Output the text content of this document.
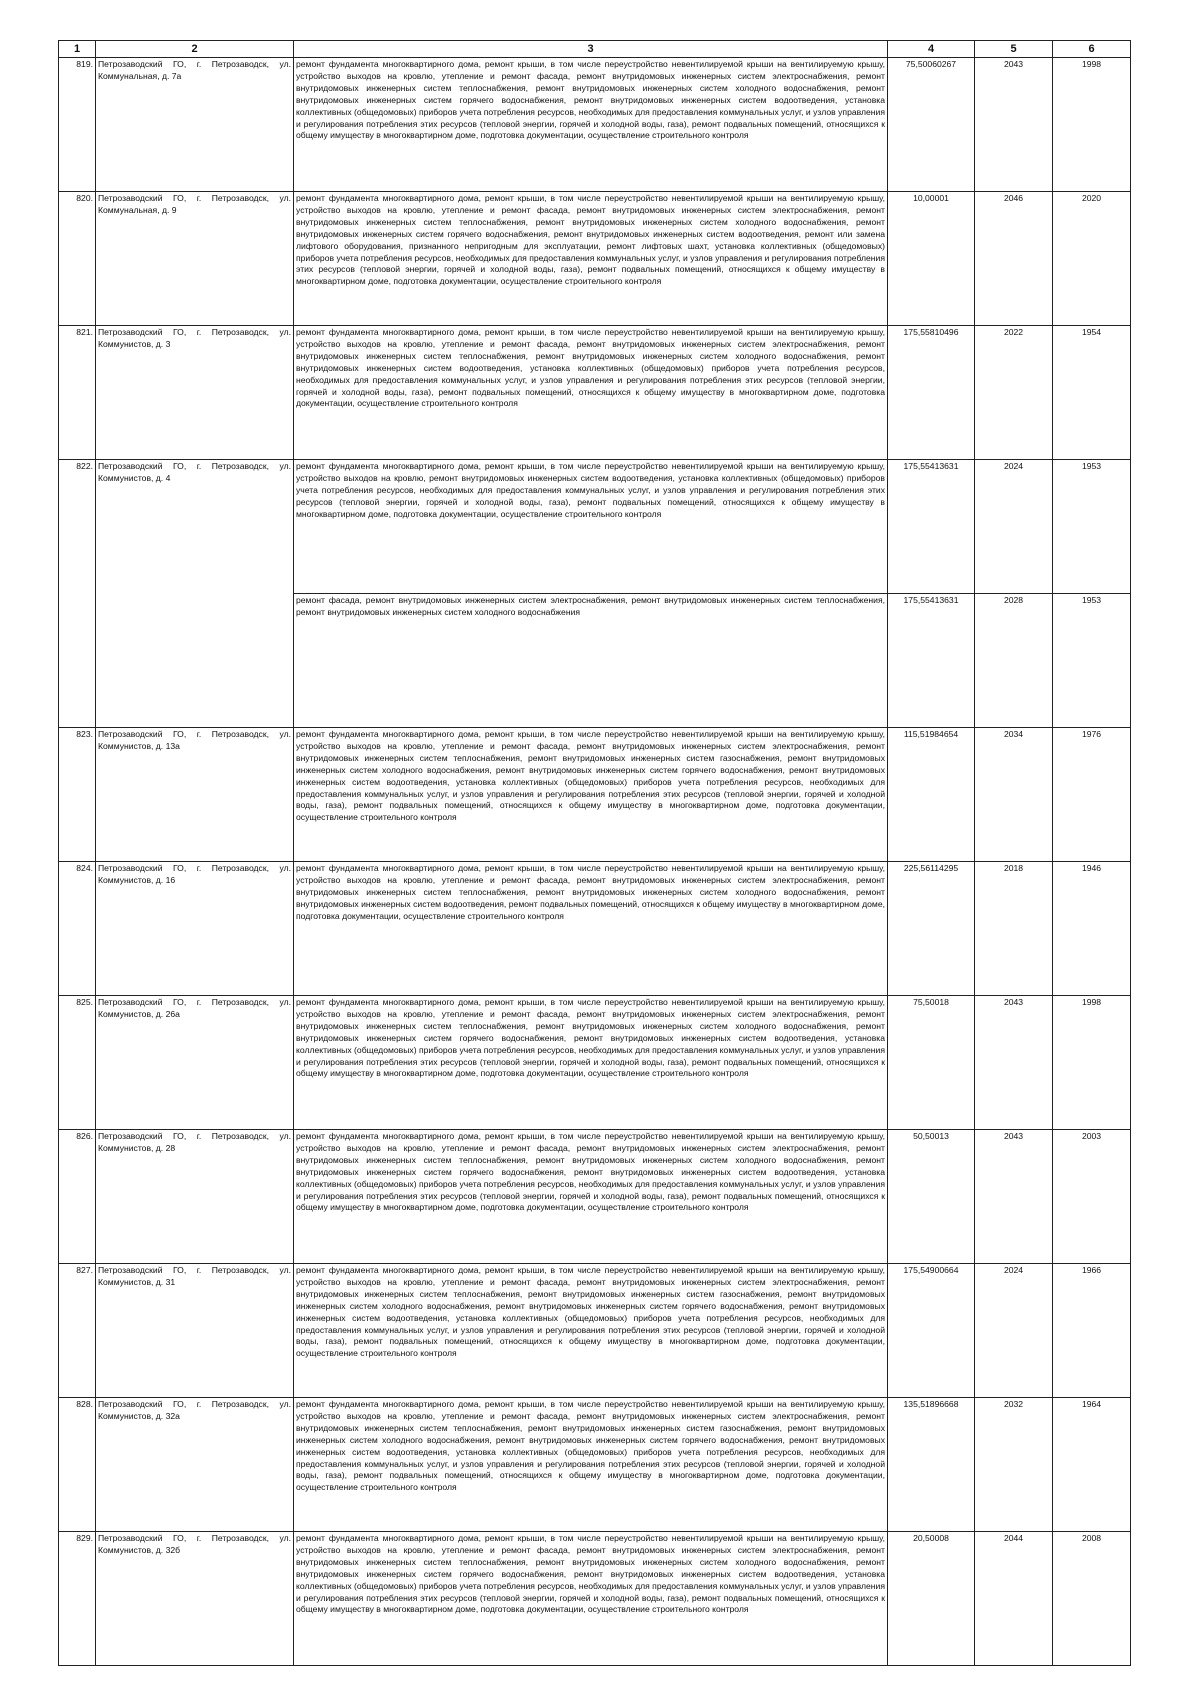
1	2	3	4	5	6
819.	Петрозаводский ГО, г. Петрозаводск, ул. Коммунальная, д. 7а	ремонт фундамента многоквартирного дома, ремонт крыши, в том числе переустройство невентилируемой крыши на вентилируемую крышу, устройство выходов на кровлю, утепление и ремонт фасада, ремонт внутридомовых инженерных систем электроснабжения, ремонт внутридомовых инженерных систем теплоснабжения, ремонт внутридомовых инженерных систем холодного водоснабжения, ремонт внутридомовых инженерных систем горячего водоснабжения, ремонт внутридомовых инженерных систем водоотведения, установка коллективных (общедомовых) приборов учета потребления ресурсов, необходимых для предоставления коммунальных услуг, и узлов управления и регулирования потребления этих ресурсов (тепловой энергии, горячей и холодной воды, газа), ремонт подвальных помещений, относящихся к общему имуществу в многоквартирном доме, подготовка документации, осуществление строительного контроля	75,50060267	2043	1998
820.	Петрозаводский ГО, г. Петрозаводск, ул. Коммунальная, д. 9	ремонт фундамента многоквартирного дома, ремонт крыши, в том числе переустройство невентилируемой крыши на вентилируемую крышу, устройство выходов на кровлю, утепление и ремонт фасада, ремонт внутридомовых инженерных систем электроснабжения, ремонт внутридомовых инженерных систем теплоснабжения, ремонт внутридомовых инженерных систем холодного водоснабжения, ремонт внутридомовых инженерных систем горячего водоснабжения, ремонт внутридомовых инженерных систем водоотведения, ремонт или замена лифтового оборудования, признанного непригодным для эксплуатации, ремонт лифтовых шахт, установка коллективных (общедомовых) приборов учета потребления ресурсов, необходимых для предоставления коммунальных услуг, и узлов управления и регулирования потребления этих ресурсов (тепловой энергии, горячей и холодной воды, газа), ремонт подвальных помещений, относящихся к общему имуществу в многоквартирном доме, подготовка документации, осуществление строительного контроля	10,00001	2046	2020
821.	Петрозаводский ГО, г. Петрозаводск, ул. Коммунистов, д. 3	ремонт фундамента многоквартирного дома, ремонт крыши, в том числе переустройство невентилируемой крыши на вентилируемую крышу, устройство выходов на кровлю, утепление и ремонт фасада, ремонт внутридомовых инженерных систем электроснабжения, ремонт внутридомовых инженерных систем теплоснабжения, ремонт внутридомовых инженерных систем холодного водоснабжения, ремонт внутридомовых инженерных систем водоотведения, установка коллективных (общедомовых) приборов учета потребления ресурсов, необходимых для предоставления коммунальных услуг, и узлов управления и регулирования потребления этих ресурсов (тепловой энергии, горячей и холодной воды, газа), ремонт подвальных помещений, относящихся к общему имуществу в многоквартирном доме, подготовка документации, осуществление строительного контроля	175,55810496	2022	1954
822.	Петрозаводский ГО, г. Петрозаводск, ул. Коммунистов, д. 4	ремонт фундамента многоквартирного дома, ремонт крыши, в том числе переустройство невентилируемой крыши на вентилируемую крышу, устройство выходов на кровлю, ремонт внутридомовых инженерных систем водоотведения, установка коллективных (общедомовых) приборов учета потребления ресурсов, необходимых для предоставления коммунальных услуг, и узлов управления и регулирования потребления этих ресурсов (тепловой энергии, горячей и холодной воды, газа), ремонт подвальных помещений, относящихся к общему имуществу в многоквартирном доме, подготовка документации, осуществление строительного контроля	175,55413631	2024	1953
		ремонт фасада, ремонт внутридомовых инженерных систем электроснабжения, ремонт внутридомовых инженерных систем теплоснабжения, ремонт внутридомовых инженерных систем холодного водоснабжения	175,55413631	2028	1953
823.	Петрозаводский ГО, г. Петрозаводск, ул. Коммунистов, д. 13а	ремонт фундамента многоквартирного дома, ремонт крыши, в том числе переустройство невентилируемой крыши на вентилируемую крышу, устройство выходов на кровлю, утепление и ремонт фасада, ремонт внутридомовых инженерных систем электроснабжения, ремонт внутридомовых инженерных систем теплоснабжения, ремонт внутридомовых инженерных систем газоснабжения, ремонт внутридомовых инженерных систем холодного водоснабжения, ремонт внутридомовых инженерных систем горячего водоснабжения, ремонт внутридомовых инженерных систем водоотведения, установка коллективных (общедомовых) приборов учета потребления ресурсов, необходимых для предоставления коммунальных услуг, и узлов управления и регулирования потребления этих ресурсов (тепловой энергии, горячей и холодной воды, газа), ремонт подвальных помещений, относящихся к общему имуществу в многоквартирном доме, подготовка документации, осуществление строительного контроля	115,51984654	2034	1976
824.	Петрозаводский ГО, г. Петрозаводск, ул. Коммунистов, д. 16	ремонт фундамента многоквартирного дома, ремонт крыши, в том числе переустройство невентилируемой крыши на вентилируемую крышу, устройство выходов на кровлю, утепление и ремонт фасада, ремонт внутридомовых инженерных систем электроснабжения, ремонт внутридомовых инженерных систем теплоснабжения, ремонт внутридомовых инженерных систем холодного водоснабжения, ремонт внутридомовых инженерных систем водоотведения, ремонт подвальных помещений, относящихся к общему имуществу в многоквартирном доме, подготовка документации, осуществление строительного контроля	225,56114295	2018	1946
825.	Петрозаводский ГО, г. Петрозаводск, ул. Коммунистов, д. 26а	ремонт фундамента многоквартирного дома, ремонт крыши, в том числе переустройство невентилируемой крыши на вентилируемую крышу, устройство выходов на кровлю, утепление и ремонт фасада, ремонт внутридомовых инженерных систем электроснабжения, ремонт внутридомовых инженерных систем теплоснабжения, ремонт внутридомовых инженерных систем холодного водоснабжения, ремонт внутридомовых инженерных систем горячего водоснабжения, ремонт внутридомовых инженерных систем водоотведения, установка коллективных (общедомовых) приборов учета потребления ресурсов, необходимых для предоставления коммунальных услуг, и узлов управления и регулирования потребления этих ресурсов (тепловой энергии, горячей и холодной воды, газа), ремонт подвальных помещений, относящихся к общему имуществу в многоквартирном доме, подготовка документации, осуществление строительного контроля	75,50018	2043	1998
826.	Петрозаводский ГО, г. Петрозаводск, ул. Коммунистов, д. 28	ремонт фундамента многоквартирного дома, ремонт крыши, в том числе переустройство невентилируемой крыши на вентилируемую крышу, устройство выходов на кровлю, утепление и ремонт фасада, ремонт внутридомовых инженерных систем электроснабжения, ремонт внутридомовых инженерных систем теплоснабжения, ремонт внутридомовых инженерных систем холодного водоснабжения, ремонт внутридомовых инженерных систем горячего водоснабжения, ремонт внутридомовых инженерных систем водоотведения, установка коллективных (общедомовых) приборов учета потребления ресурсов, необходимых для предоставления коммунальных услуг, и узлов управления и регулирования потребления этих ресурсов (тепловой энергии, горячей и холодной воды, газа), ремонт подвальных помещений, относящихся к общему имуществу в многоквартирном доме, подготовка документации, осуществление строительного контроля	50,50013	2043	2003
827.	Петрозаводский ГО, г. Петрозаводск, ул. Коммунистов, д. 31	ремонт фундамента многоквартирного дома, ремонт крыши, в том числе переустройство невентилируемой крыши на вентилируемую крышу, устройство выходов на кровлю, утепление и ремонт фасада, ремонт внутридомовых инженерных систем электроснабжения, ремонт внутридомовых инженерных систем теплоснабжения, ремонт внутридомовых инженерных систем газоснабжения, ремонт внутридомовых инженерных систем холодного водоснабжения, ремонт внутридомовых инженерных систем горячего водоснабжения, ремонт внутридомовых инженерных систем водоотведения, установка коллективных (общедомовых) приборов учета потребления ресурсов, необходимых для предоставления коммунальных услуг, и узлов управления и регулирования потребления этих ресурсов (тепловой энергии, горячей и холодной воды, газа), ремонт подвальных помещений, относящихся к общему имуществу в многоквартирном доме, подготовка документации, осуществление строительного контроля	175,54900664	2024	1966
828.	Петрозаводский ГО, г. Петрозаводск, ул. Коммунистов, д. 32а	ремонт фундамента многоквартирного дома, ремонт крыши, в том числе переустройство невентилируемой крыши на вентилируемую крышу, устройство выходов на кровлю, утепление и ремонт фасада, ремонт внутридомовых инженерных систем электроснабжения, ремонт внутридомовых инженерных систем теплоснабжения, ремонт внутридомовых инженерных систем газоснабжения, ремонт внутридомовых инженерных систем холодного водоснабжения, ремонт внутридомовых инженерных систем горячего водоснабжения, ремонт внутридомовых инженерных систем водоотведения, установка коллективных (общедомовых) приборов учета потребления ресурсов, необходимых для предоставления коммунальных услуг, и узлов управления и регулирования потребления этих ресурсов (тепловой энергии, горячей и холодной воды, газа), ремонт подвальных помещений, относящихся к общему имуществу в многоквартирном доме, подготовка документации, осуществление строительного контроля	135,51896668	2032	1964
829.	Петрозаводский ГО, г. Петрозаводск, ул. Коммунистов, д. 32б	ремонт фундамента многоквартирного дома, ремонт крыши, в том числе переустройство невентилируемой крыши на вентилируемую крышу, устройство выходов на кровлю, утепление и ремонт фасада, ремонт внутридомовых инженерных систем электроснабжения, ремонт внутридомовых инженерных систем теплоснабжения, ремонт внутридомовых инженерных систем холодного водоснабжения, ремонт внутридомовых инженерных систем горячего водоснабжения, ремонт внутридомовых инженерных систем водоотведения, установка коллективных (общедомовых) приборов учета потребления ресурсов, необходимых для предоставления коммунальных услуг, и узлов управления и регулирования потребления этих ресурсов (тепловой энергии, горячей и холодной воды, газа), ремонт подвальных помещений, относящихся к общему имуществу в многоквартирном доме, подготовка документации, осуществление строительного контроля	20,50008	2044	2008
